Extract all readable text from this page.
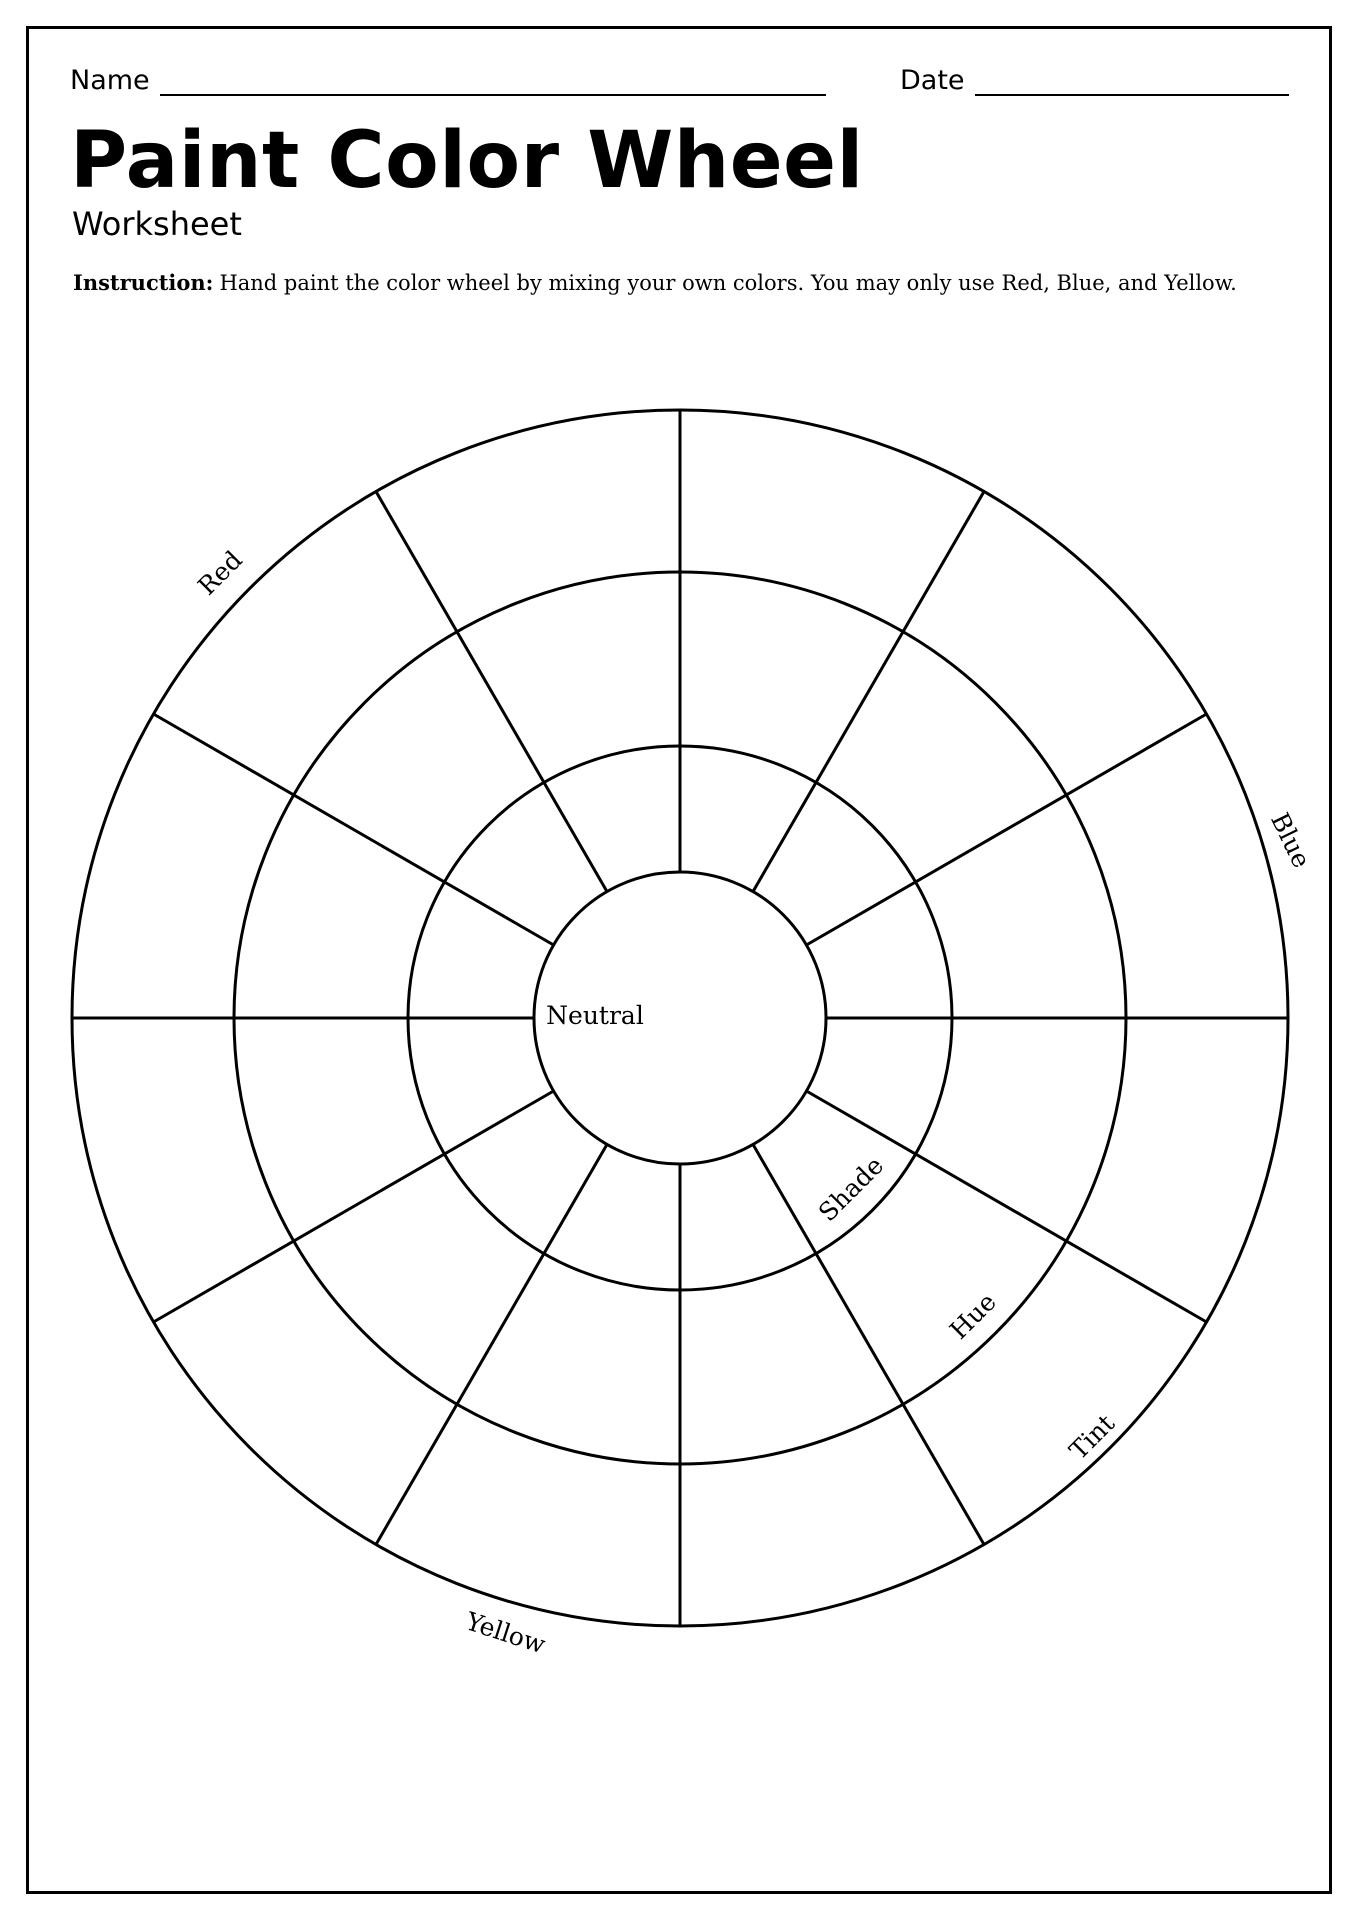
Name	Date
Paint Color Wheel
Worksheet
Instruction: Hand paint the color wheel by mixing your own colors. You may only use Red, Blue, and Yellow.
Neutral
Shade
Hue
Tint
Red
Blue
Yellow
